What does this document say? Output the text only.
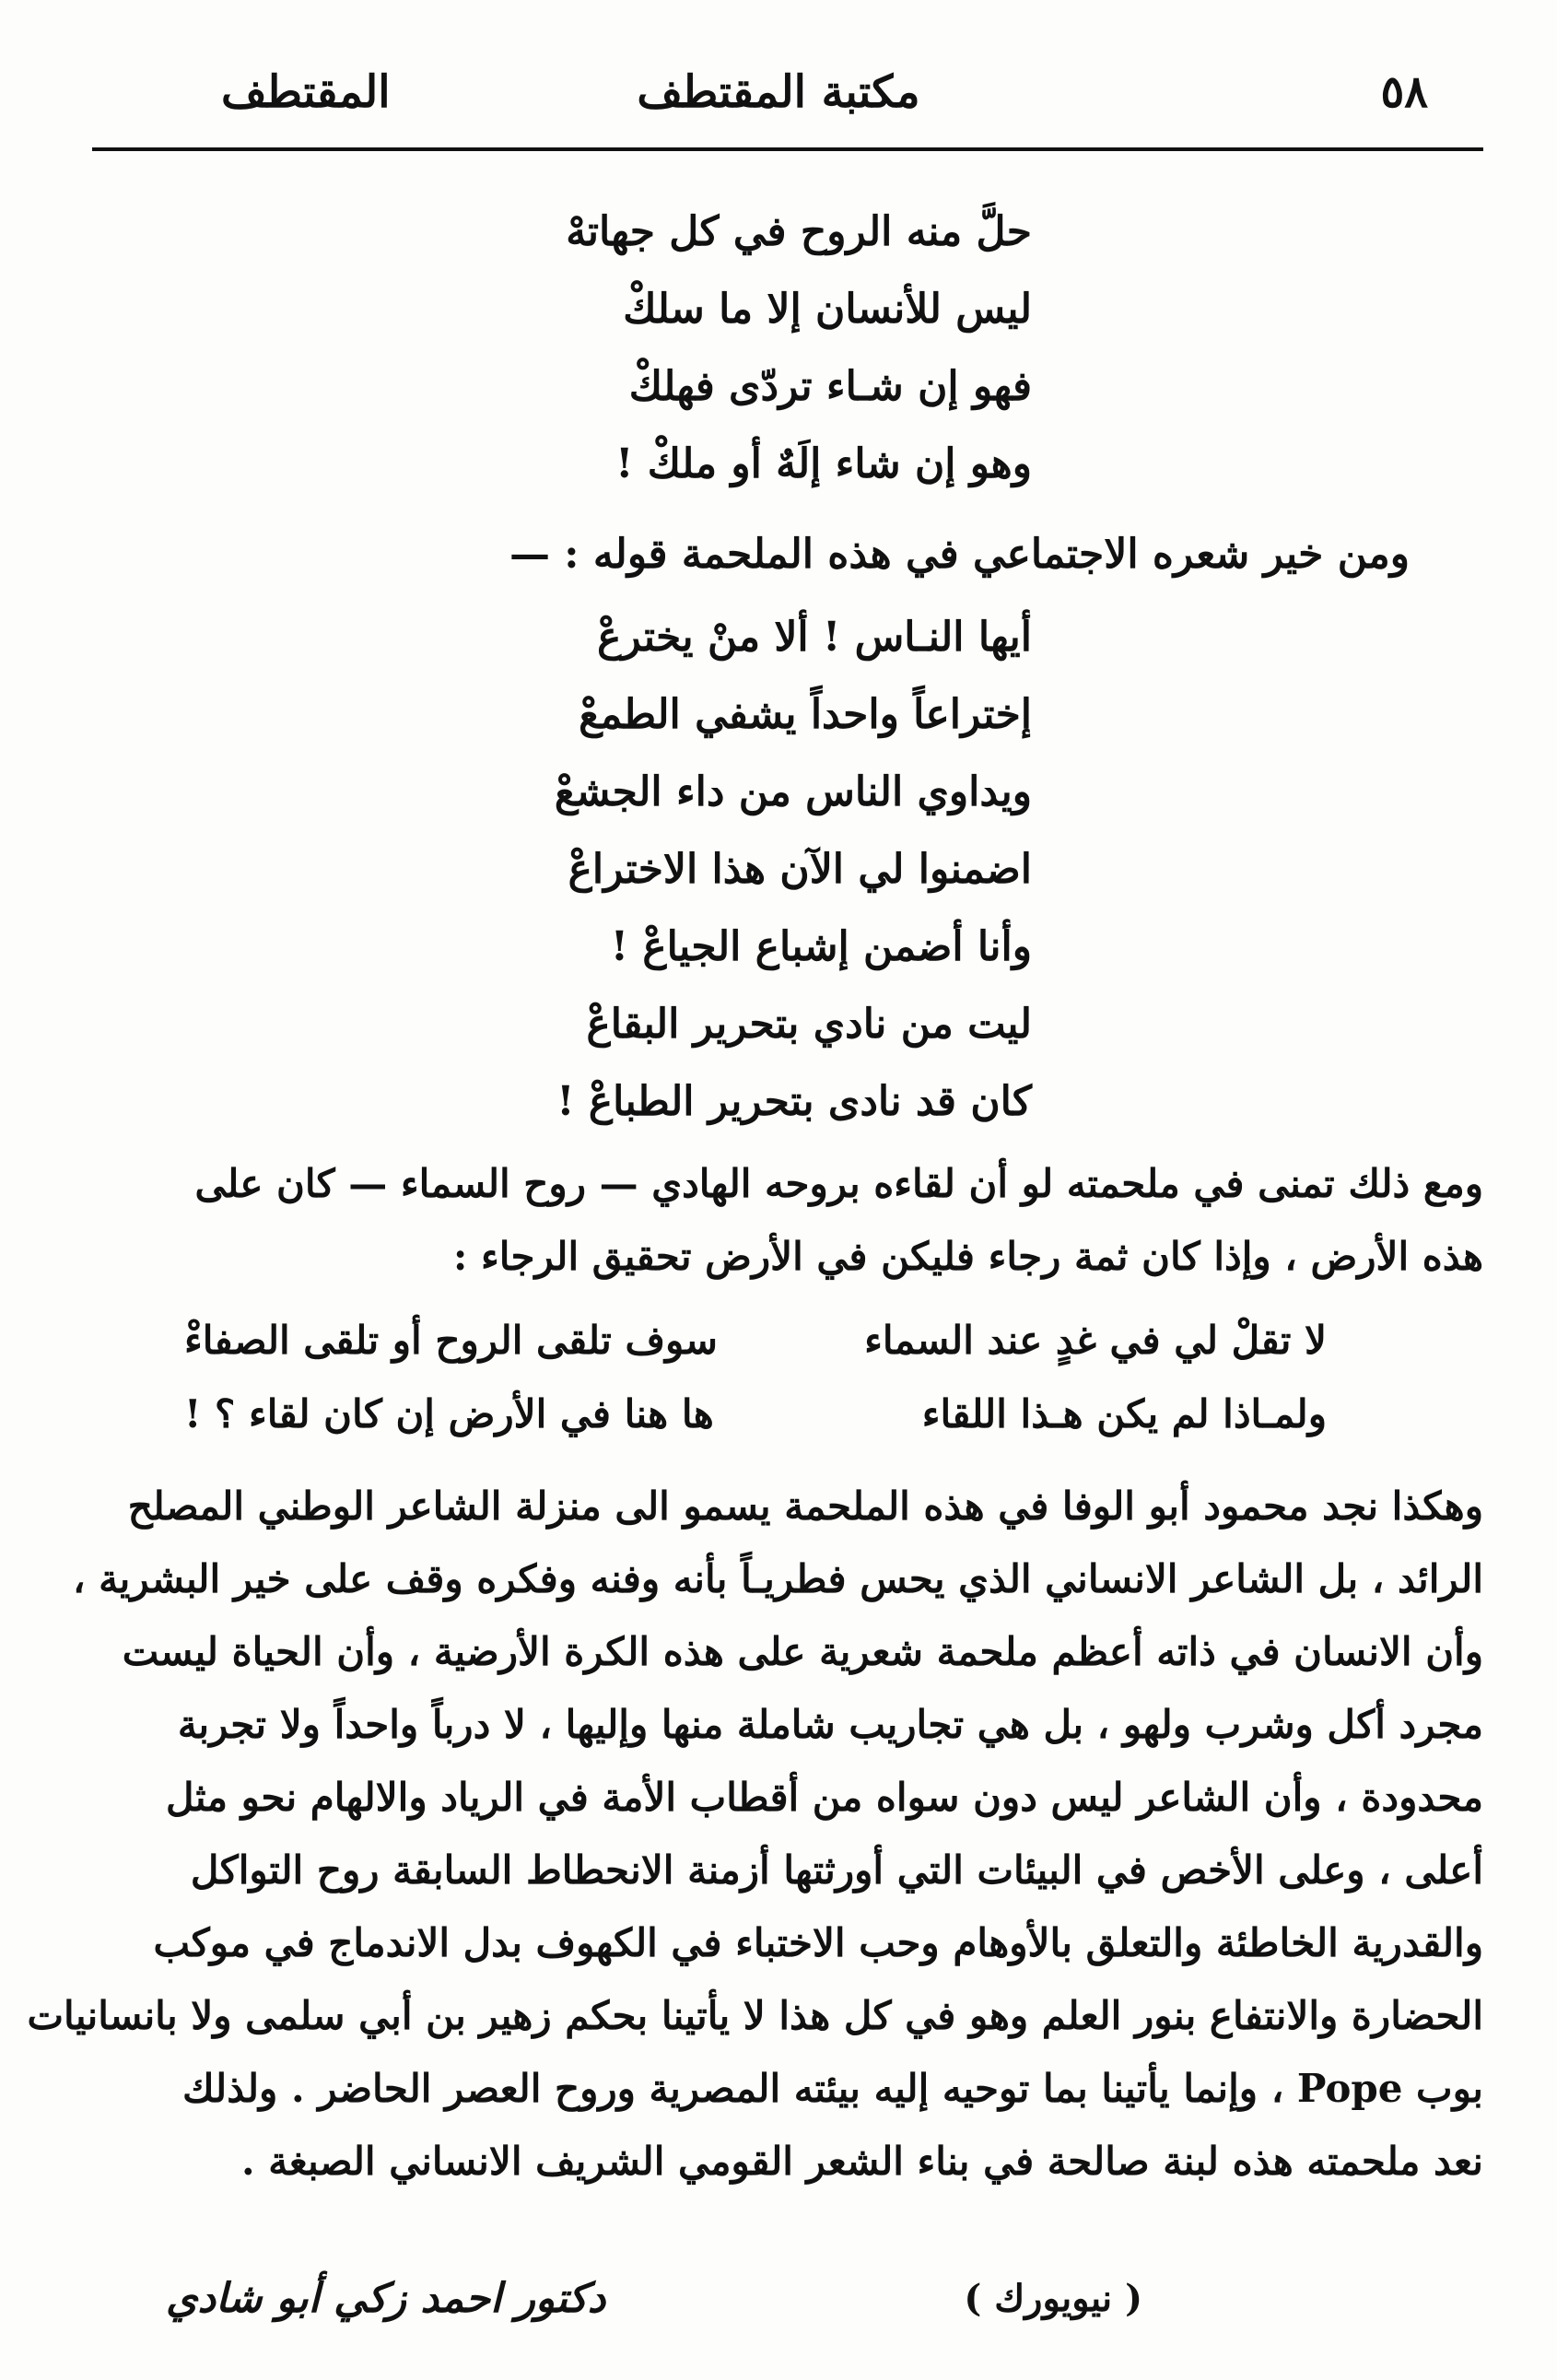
٥٨
مكتبة المقتطف
المقتطف
حلَّ منه الروح في كل جهاتهْ
ليس للأنسان إلا ما سلكْ
فهو إن شـاء تردّى فهلكْ
وهو إن شاء إلَهٌ أو ملكْ !
ومن خير شعره الاجتماعي في هذه الملحمة قوله : —
أيها النـاس ! ألا منْ يخترعْ
إختراعاً واحداً يشفي الطمعْ
ويداوي الناس من داء الجشعْ
اضمنوا لي الآن هذا الاختراعْ
وأنا أضمن إشباع الجياعْ !
ليت من نادي بتحرير البقاعْ
كان قد نادى بتحرير الطباعْ !
ومع ذلك تمنى في ملحمته لو أن لقاءه بروحه الهادي — روح السماء — كان على
هذه الأرض ، وإذا كان ثمة رجاء فليكن في الأرض تحقيق الرجاء :
لا تقلْ لي في غدٍ عند السماء
سوف تلقى الروح أو تلقى الصفاءْ
ولمـاذا لم يكن هـذا اللقاء
ها هنا في الأرض إن كان لقاء ؟ !
وهكذا نجد محمود أبو الوفا في هذه الملحمة يسمو الى منزلة الشاعر الوطني المصلح
الرائد ، بل الشاعر الانساني الذي يحس فطريـاً بأنه وفنه وفكره وقف على خير البشرية ،
وأن الانسان في ذاته أعظم ملحمة شعرية على هذه الكرة الأرضية ، وأن الحياة ليست
مجرد أكل وشرب ولهو ، بل هي تجاريب شاملة منها وإليها ، لا درباً واحداً ولا تجربة
محدودة ، وأن الشاعر ليس دون سواه من أقطاب الأمة في الرياد والالهام نحو مثل
أعلى ، وعلى الأخص في البيئات التي أورثتها أزمنة الانحطاط السابقة روح التواكل
والقدرية الخاطئة والتعلق بالأوهام وحب الاختباء في الكهوف بدل الاندماج في موكب
الحضارة والانتفاع بنور العلم وهو في كل هذا لا يأتينا بحكم زهير بن أبي سلمى ولا بانسانيات
بوب Pope ، وإنما يأتينا بما توحيه إليه بيئته المصرية وروح العصر الحاضر . ولذلك
نعد ملحمته هذه لبنة صالحة في بناء الشعر القومي الشريف الانساني الصبغة .
( نيويورك )
دكتور احمد زكي أبو شادي
